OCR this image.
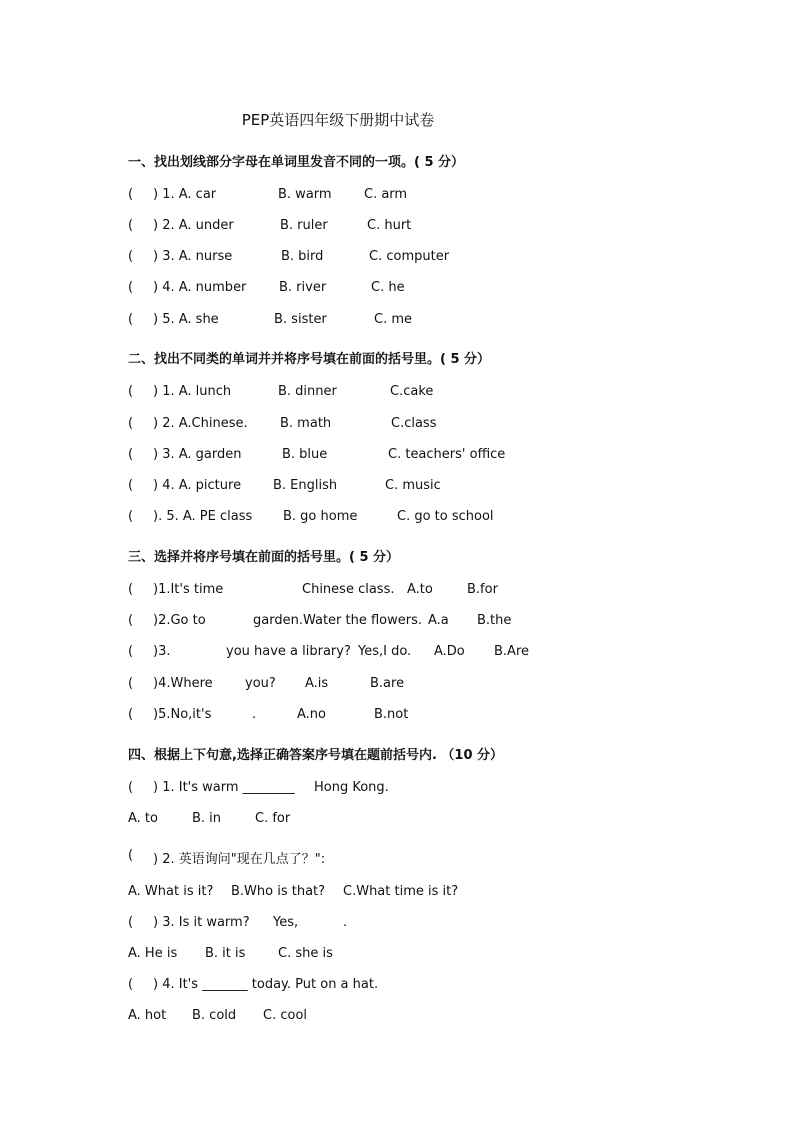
PEP英语四年级下册期中试卷
一、找出划线部分字母在单词里发音不同的一项。( 5 分）
( ) 1. A. car	B. warm C. arm
( ) 2. A. under	B. ruler	C. hurt
( ) 3. A. nurse	B. bird	C. computer
( ) 4. A. number	B. river	C. he
( ) 5. A. she	B. sister	C. me
二、找出不同类的单词并并将序号填在前面的括号里。( 5 分）
( ) 1. A. lunch	B. dinner	C.cake
( ) 2. A.Chinese. B. math	C.class
( ) 3. A. garden	B. blue	C. teachers' office
( ) 4. A. picture B. English	C. music
( ). 5. A. PE class B. go home	C. go to school
三、选择并将序号填在前面的括号里。( 5 分）
( )1.It's time	Chinese class. A.to	B.for
( )2.Go to	garden.Water the flowers. A.a B.the
( )3.	you have a library? Yes,I do. A.Do B.Are
( )4.Where you? A.is	B.are
( )5.No,it's	.	A.no	B.not
四、根据上下句意,选择正确答案序号填在题前括号内. （10 分）
( ) 1. It's warm ________ Hong Kong.
A. to	B. in	C. for
( ) 2. 英语询问"现在几点了？":
A. What is it? B.Who is that? C.What time is it?
( ) 3. Is it warm? Yes,	.
A. He is B. it is	C. she is
( ) 4. It's _______ today. Put on a hat.
A. hot B. cold C. cool
